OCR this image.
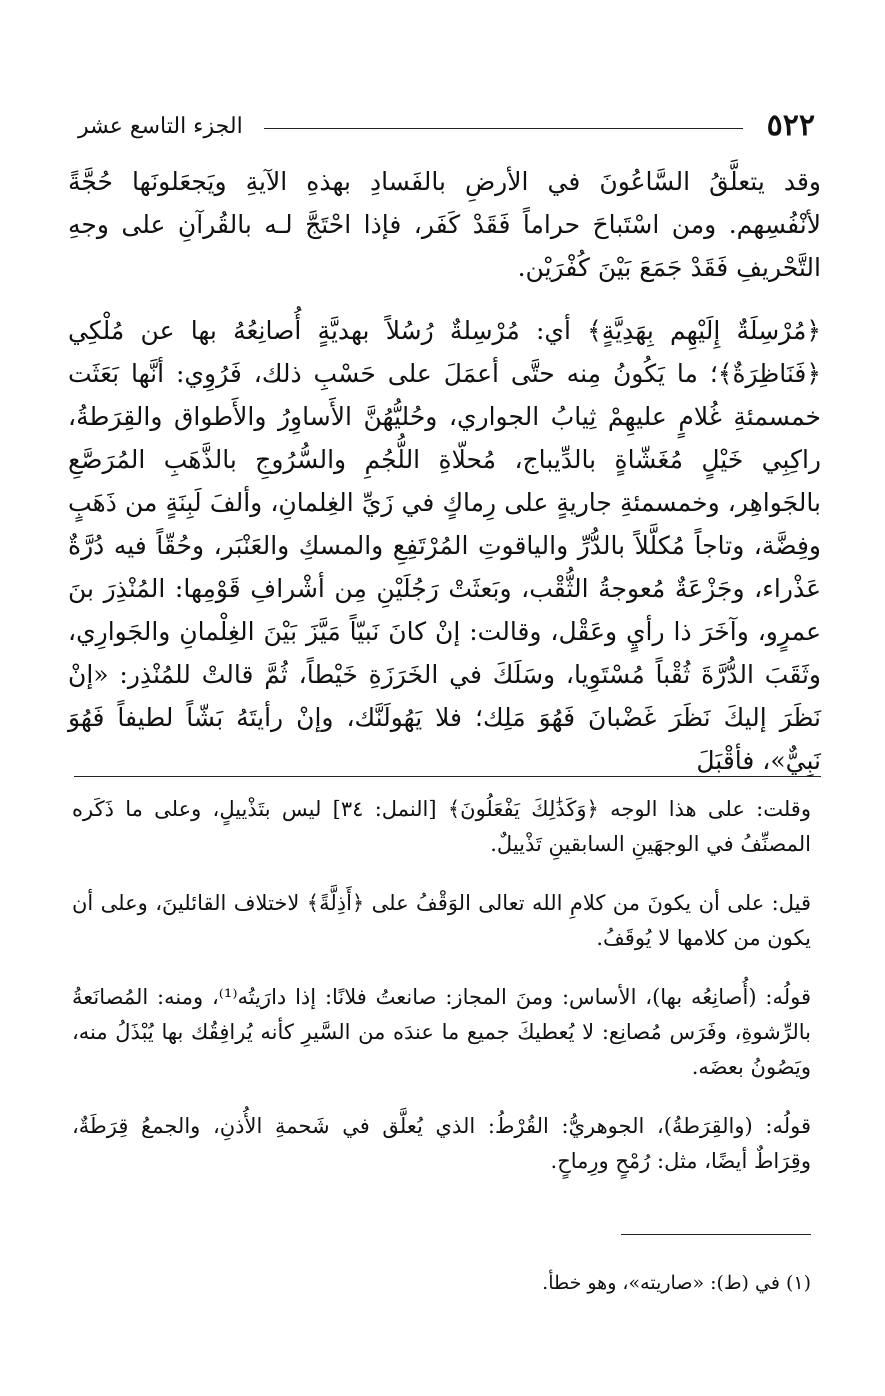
٥٢٢
الجزء التاسع عشر

وقد يتعلَّقُ السَّاعُونَ في الأرضِ بالفَسادِ بهذهِ الآيةِ ويَجعَلونَها حُجَّةً لأنْفُسِهم. ومن اسْتَباحَ حراماً فَقَدْ كَفَر، فإذا احْتَجَّ لـه بالقُرآنِ على وجهِ التَّحْريفِ فَقَدْ جَمَعَ بَيْنَ كُفْرَيْن.

﴿مُرْسِلَةٌ إِلَيْهِم بِهَدِيَّةٍ﴾ أي: مُرْسِلةٌ رُسُلاً بهديَّةٍ أُصانِعُهُ بها عن مُلْكِي ﴿فَنَاظِرَةٌ﴾؛ ما يَكُونُ مِنه حتَّى أعمَلَ على حَسْبِ ذلك، فَرُوِي: أنَّها بَعَثَت خمسمئةِ غُلامٍ عليهِمْ ثِيابُ الجواري، وحُليُّهُنَّ الأَساوِرُ والأَطواق والقِرَطةُ، راكِبِي خَيْلٍ مُغَشّاةٍ بالدِّيباج، مُحلّاةِ اللُّجُمِ والسُّرُوجِ بالذَّهَبِ المُرَصَّعِ بالجَواهِر، وخمسمئةِ جاريةٍ على رِماكٍ في زَيِّ الغِلمانِ، وألفَ لَبِنَةٍ من ذَهَبٍ وفِضَّة، وتاجاً مُكلَّلاً بالدُّرِّ والياقوتِ المُرْتَفِعِ والمسكِ والعَنْبَر، وحُقّاً فيه دُرَّةٌ عَذْراء، وجَزْعَةٌ مُعوجةُ الثُّقْب، وبَعثَتْ رَجُلَيْنِ مِن أشْرافِ قَوْمِها: المُنْذِرَ بنَ عمرٍو، وآخَرَ ذا رأيٍ وعَقْل، وقالت: إنْ كانَ نَبيّاً مَيَّزَ بَيْنَ الغِلْمانِ والجَوارِي، وثَقَبَ الدُّرَّةَ ثُقْباً مُسْتَوِيا، وسَلَكَ في الخَرَزَةِ خَيْطاً، ثُمَّ قالتْ للمُنْذِر: «إنْ نَظَرَ إليكَ نَظَرَ غَضْبانَ فَهُوَ مَلِك؛ فلا يَهُولَنَّك، وإنْ رأيتَهُ بَشّاً لطيفاً فَهُوَ نَبِيٌّ»، فأقْبَلَ

وقلت: على هذا الوجه ﴿وَكَذَٰلِكَ يَفْعَلُونَ﴾ [النمل: ٣٤] ليس بتَذْييلٍ، وعلى ما ذَكَره المصنِّفُ في الوجهَينِ السابقينِ تَذْييلٌ.

قيل: على أن يكونَ من كلامِ الله تعالى الوَقْفُ على ﴿أَذِلَّةً﴾ لاختلاف القائلينَ، وعلى أن يكون من كلامها لا يُوقَفُ.

قولُه: (أُصانِعُه بها)، الأساس: ومنَ المجاز: صانعتُ فلانًا: إذا دارَيتُه⁽¹⁾، ومنه: المُصانَعةُ بالرِّشوةِ، وفَرَس مُصانِع: لا يُعطيكَ جميع ما عندَه من السَّيرِ كأنه يُرافِقُك بها يُبْذَلُ منه، ويَصُونُ بعضَه.

قولُه: (والقِرَطةُ)، الجوهريُّ: القُرْطُ: الذي يُعلَّق في شَحمةِ الأُذنِ، والجمعُ قِرَطَةٌ، وقِرَاطٌ أيضًا، مثل: رُمْحٍ ورِماحٍ.

(١) في (ط): «صاريته»، وهو خطأ.
